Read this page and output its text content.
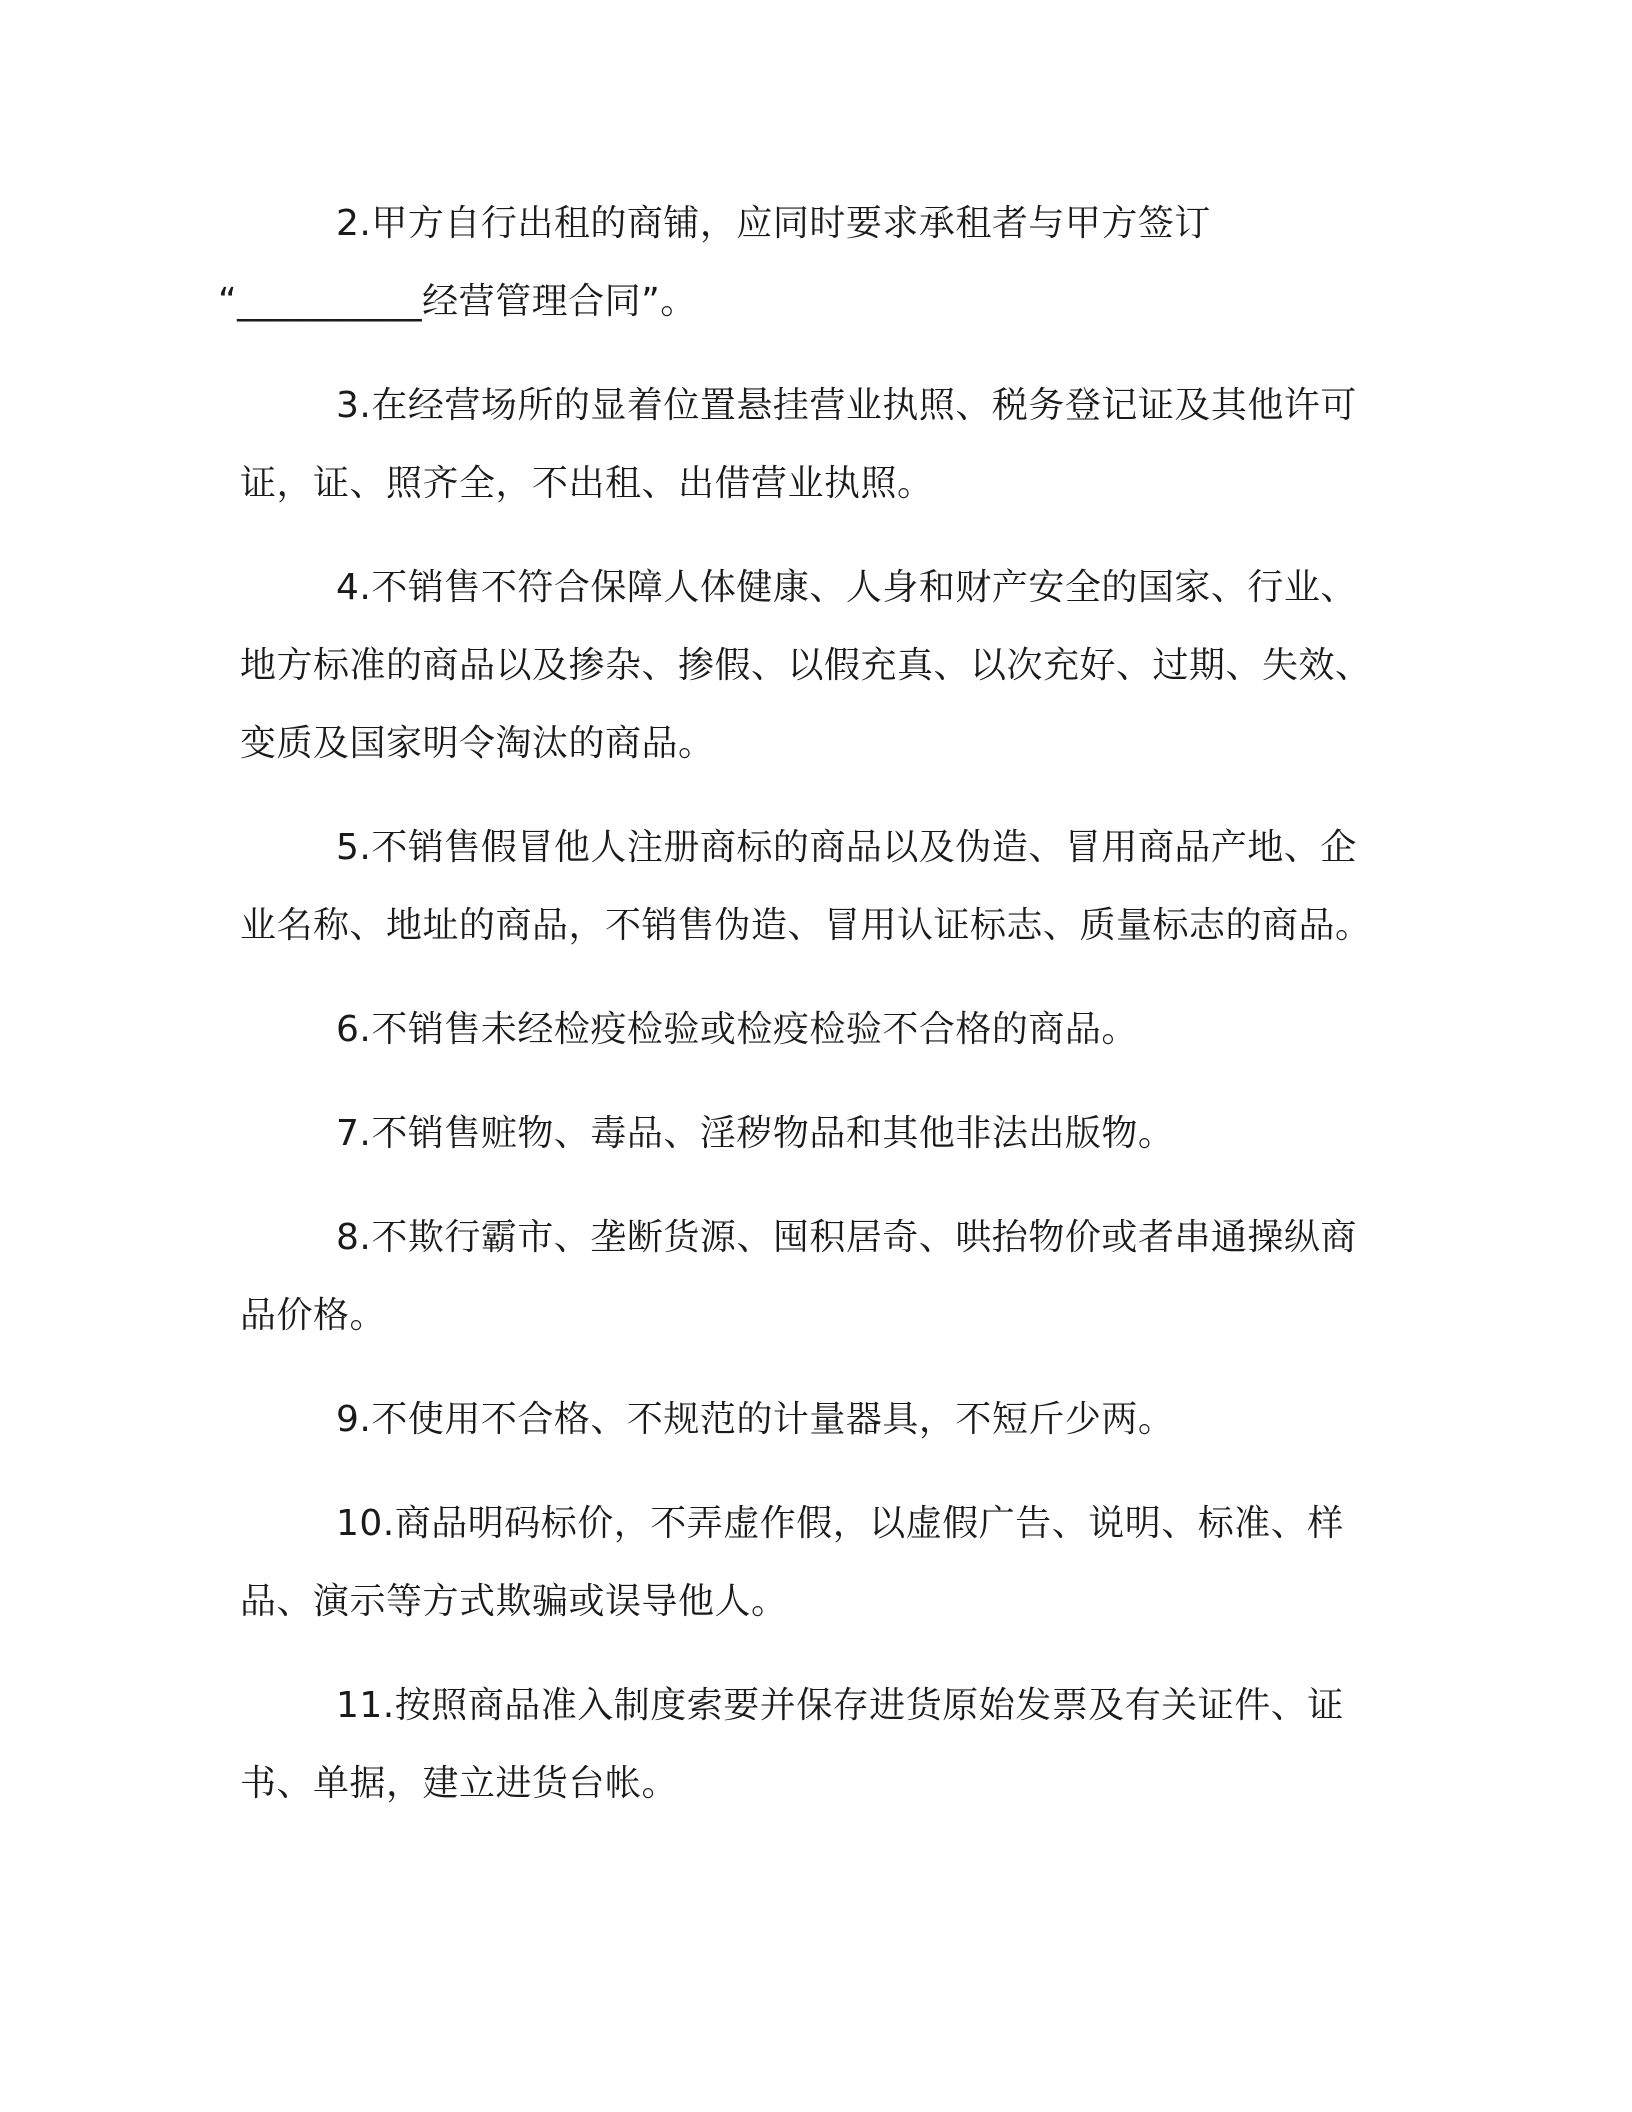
2.甲方自行出租的商铺，应同时要求承租者与甲方签订
“__________经营管理合同”。

3.在经营场所的显着位置悬挂营业执照、税务登记证及其他许可
证，证、照齐全，不出租、出借营业执照。

4.不销售不符合保障人体健康、人身和财产安全的国家、行业、
地方标准的商品以及掺杂、掺假、以假充真、以次充好、过期、失效、
变质及国家明令淘汰的商品。

5.不销售假冒他人注册商标的商品以及伪造、冒用商品产地、企
业名称、地址的商品，不销售伪造、冒用认证标志、质量标志的商品。

6.不销售未经检疫检验或检疫检验不合格的商品。

7.不销售赃物、毒品、淫秽物品和其他非法出版物。

8.不欺行霸市、垄断货源、囤积居奇、哄抬物价或者串通操纵商
品价格。

9.不使用不合格、不规范的计量器具，不短斤少两。

10.商品明码标价，不弄虚作假，以虚假广告、说明、标准、样
品、演示等方式欺骗或误导他人。

11.按照商品准入制度索要并保存进货原始发票及有关证件、证
书、单据，建立进货台帐。
